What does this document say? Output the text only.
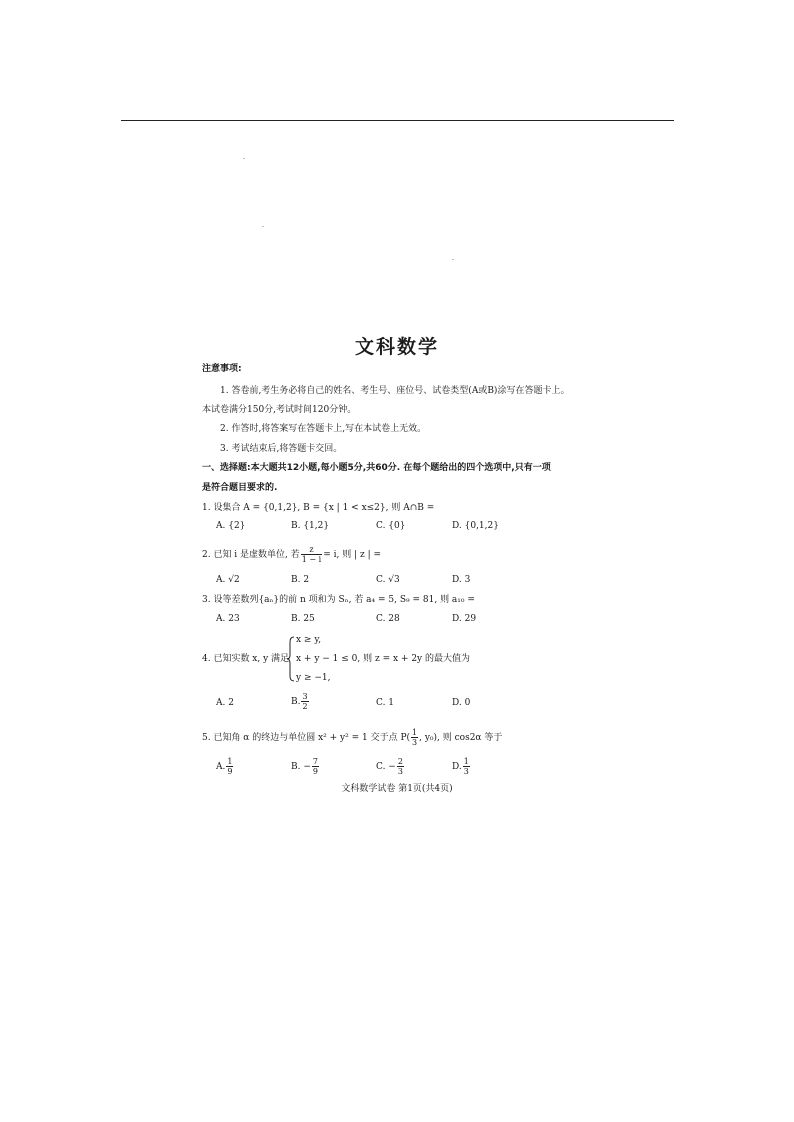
文科数学
注意事项:
1. 答卷前,考生务必将自己的姓名、考生号、座位号、试卷类型(A或B)涂写在答题卡上。
本试卷满分150分,考试时间120分钟。
2. 作答时,将答案写在答题卡上,写在本试卷上无效。
3. 考试结束后,将答题卡交回。
一、选择题:本大题共12小题,每小题5分,共60分. 在每个题给出的四个选项中,只有一项
是符合题目要求的.
1. 设集合 A = {0,1,2}, B = {x | 1 < x≤2}, 则 A∩B =
A. {2}	B. {1,2}	C. {0}	D. {0,1,2}
2. 已知 i 是虚数单位, 若 $\frac{z}{1 - i} = i$, 则 | z | =
A. √2	B. 2	C. √3	D. 3
3. 设等差数列{aₙ}的前 n 项和为 Sₙ, 若 a₄ = 5, S₉ = 81, 则 a₁₀ =
A. 23	B. 25	C. 28	D. 29
4. 已知实数 x, y 满足
x ≥ y,
x + y − 1 ≤ 0, 则 z = x + 2y 的最大值为
y ≥ −1,
A. 2	B. $\frac{3}{2}$	C. 1	D. 0
5. 已知角 α 的终边与单位圆 x² + y² = 1 交于点 $P( \frac{1}{3}$ , y₀), 则 cos2α 等于
A. $\frac{1}{9}$	B. − $\frac{7}{9}$	C. − $\frac{2}{3}$	D. $\frac{1}{3}$
文科数学试卷 第1页(共4页)
